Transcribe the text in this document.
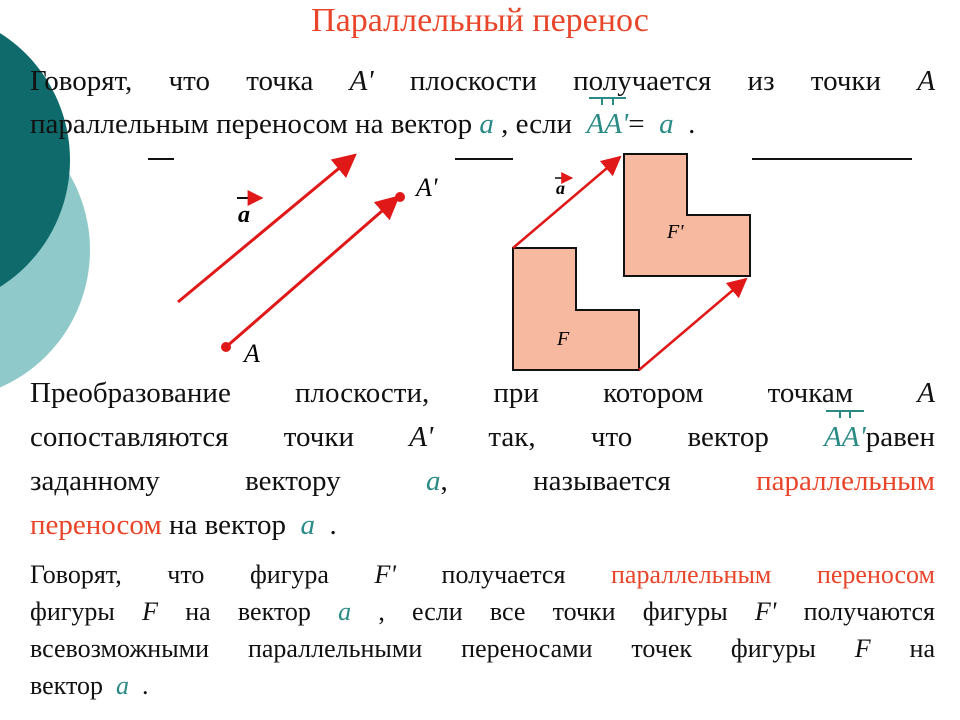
Параллельный перенос
Говорят, что точка A' плоскости получается из точки A
параллельным переносом на вектор a , если AA'= a .
a
A
A'	a
F
F'
Преобразование плоскости, при котором точкам A
сопоставляются точки A' так, что вектор AA'равен
заданному вектору	a, называется	параллельным
переносом на вектор a .
Говорят, что фигура F' получается параллельным переносом
фигуры F на вектор a , если все точки фигуры F' получаются
всевозможными параллельными переносами точек фигуры F на
вектор a .
